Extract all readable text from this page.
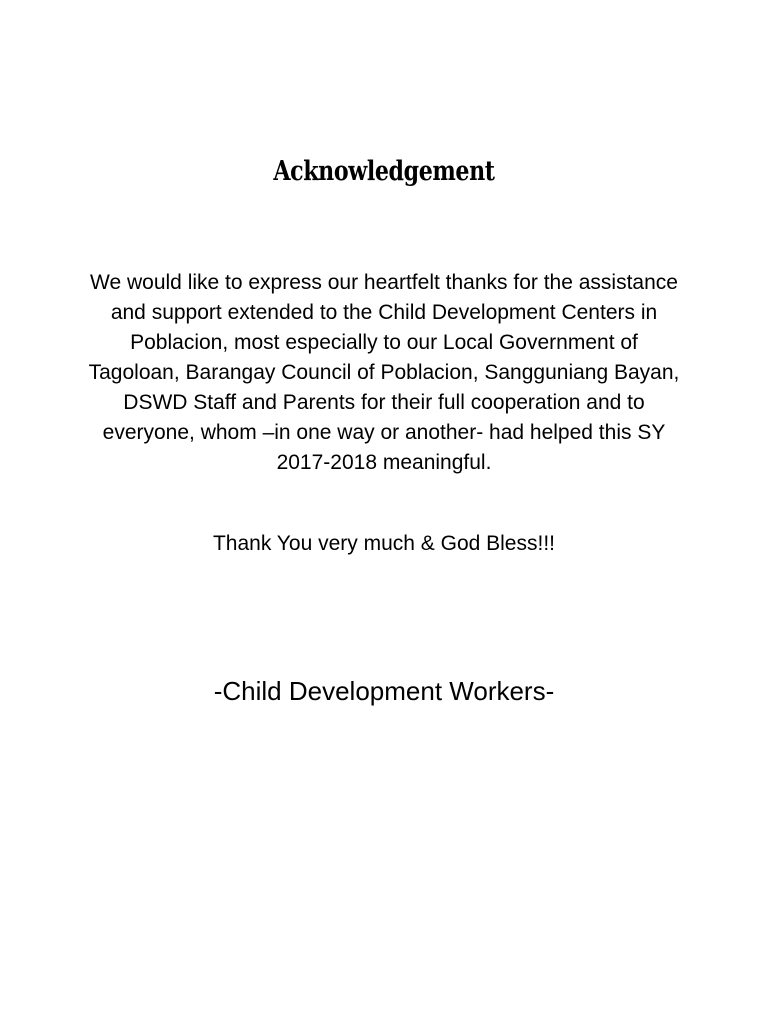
Acknowledgement

We would like to express our heartfelt thanks for the assistance and support extended to the Child Development Centers in Poblacion, most especially to our Local Government of Tagoloan, Barangay Council of Poblacion, Sangguniang Bayan, DSWD Staff and Parents for their full cooperation and to everyone, whom –in one way or another- had helped this SY 2017-2018 meaningful.

Thank You very much & God Bless!!!

-Child Development Workers-
